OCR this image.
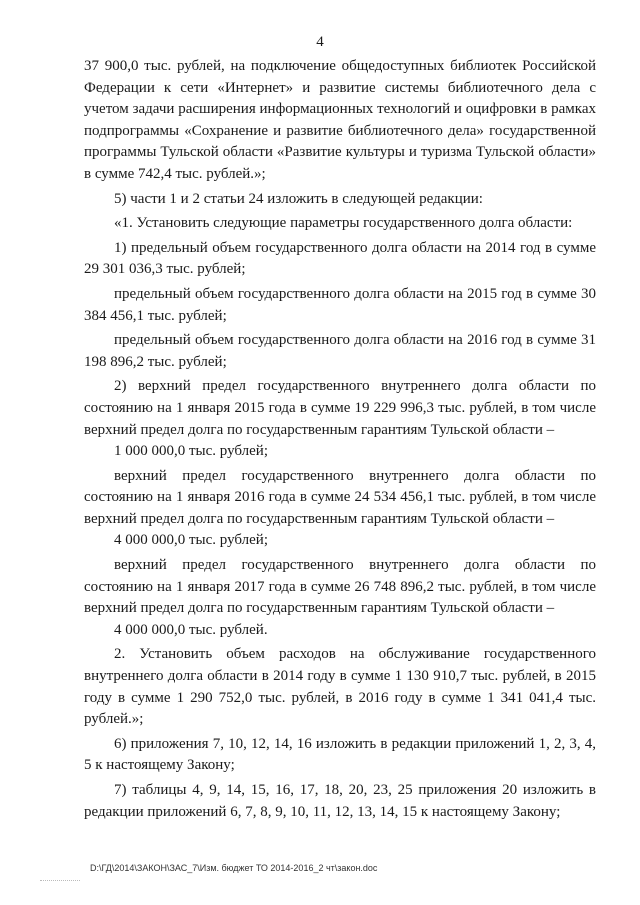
4

37 900,0 тыс. рублей, на подключение общедоступных библиотек Российской Федерации к сети «Интернет» и развитие системы библиотечного дела с учетом задачи расширения информационных технологий и оцифровки в рамках подпрограммы «Сохранение и развитие библиотечного дела» государственной программы Тульской области «Развитие культуры и туризма Тульской области» в сумме 742,4 тыс. рублей.»;

5) части 1 и 2 статьи 24 изложить в следующей редакции:

«1. Установить следующие параметры государственного долга области:

1) предельный объем государственного долга области на 2014 год в сумме 29 301 036,3 тыс. рублей;

предельный объем государственного долга области на 2015 год в сумме 30 384 456,1 тыс. рублей;

предельный объем государственного долга области на 2016 год в сумме 31 198 896,2 тыс. рублей;

2) верхний предел государственного внутреннего долга области по состоянию на 1 января 2015 года в сумме 19 229 996,3 тыс. рублей, в том числе верхний предел долга по государственным гарантиям Тульской области –

1 000 000,0 тыс. рублей;

верхний предел государственного внутреннего долга области по состоянию на 1 января 2016 года в сумме 24 534 456,1 тыс. рублей, в том числе верхний предел долга по государственным гарантиям Тульской области –

4 000 000,0 тыс. рублей;

верхний предел государственного внутреннего долга области по состоянию на 1 января 2017 года в сумме 26 748 896,2 тыс. рублей, в том числе верхний предел долга по государственным гарантиям Тульской области –

4 000 000,0 тыс. рублей.

2. Установить объем расходов на обслуживание государственного внутреннего долга области в 2014 году в сумме 1 130 910,7 тыс. рублей, в 2015 году в сумме 1 290 752,0 тыс. рублей, в 2016 году в сумме 1 341 041,4 тыс. рублей.»;

6) приложения 7, 10, 12, 14, 16 изложить в редакции приложений 1, 2, 3, 4, 5 к настоящему Закону;

7) таблицы 4, 9, 14, 15, 16, 17, 18, 20, 23, 25 приложения 20 изложить в редакции приложений 6, 7, 8, 9, 10, 11, 12, 13, 14, 15 к настоящему Закону;

D:\ГД\2014\ЗАКОН\ЗАС_7\Изм. бюджет ТО 2014-2016_2 чт\закон.doc
